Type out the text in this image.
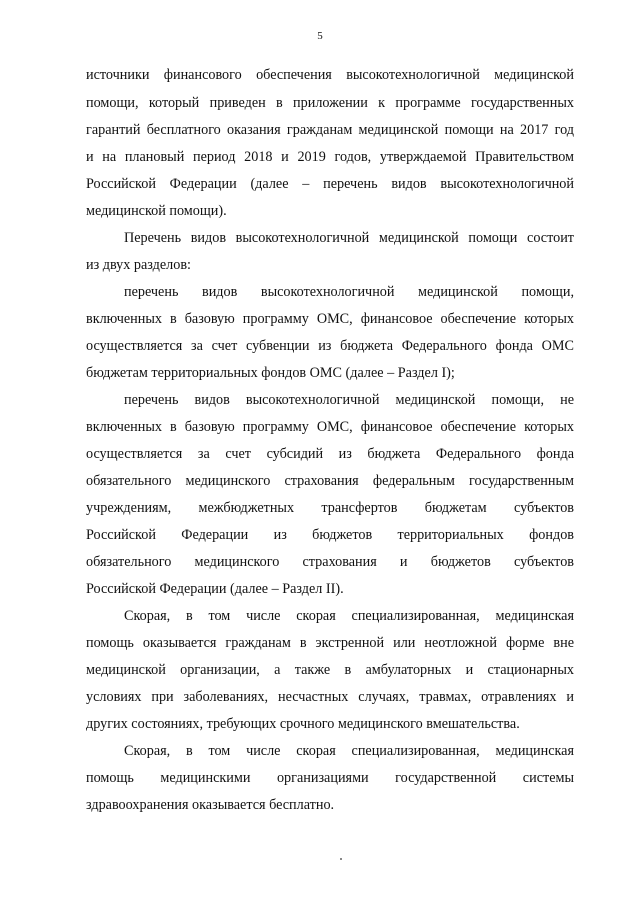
5
источники финансового обеспечения высокотехнологичной медицинской
помощи, который приведен в приложении к программе государственных
гарантий бесплатного оказания гражданам медицинской помощи на 2017 год
и на плановый период 2018 и 2019 годов, утверждаемой Правительством
Российской Федерации (далее – перечень видов высокотехнологичной
медицинской помощи).
Перечень видов высокотехнологичной медицинской помощи состоит
из двух разделов:
перечень видов высокотехнологичной медицинской помощи,
включенных в базовую программу ОМС, финансовое обеспечение которых
осуществляется за счет субвенции из бюджета Федерального фонда ОМС
бюджетам территориальных фондов ОМС (далее – Раздел I);
перечень видов высокотехнологичной медицинской помощи, не
включенных в базовую программу ОМС, финансовое обеспечение которых
осуществляется за счет субсидий из бюджета Федерального фонда
обязательного медицинского страхования федеральным государственным
учреждениям, межбюджетных трансфертов бюджетам субъектов
Российской Федерации из бюджетов территориальных фондов
обязательного медицинского страхования и бюджетов субъектов
Российской Федерации (далее – Раздел II).
Скорая, в том числе скорая специализированная, медицинская
помощь оказывается гражданам в экстренной или неотложной форме вне
медицинской организации, а также в амбулаторных и стационарных
условиях при заболеваниях, несчастных случаях, травмах, отравлениях и
других состояниях, требующих срочного медицинского вмешательства.
Скорая, в том числе скорая специализированная, медицинская
помощь медицинскими организациями государственной системы
здравоохранения оказывается бесплатно.
